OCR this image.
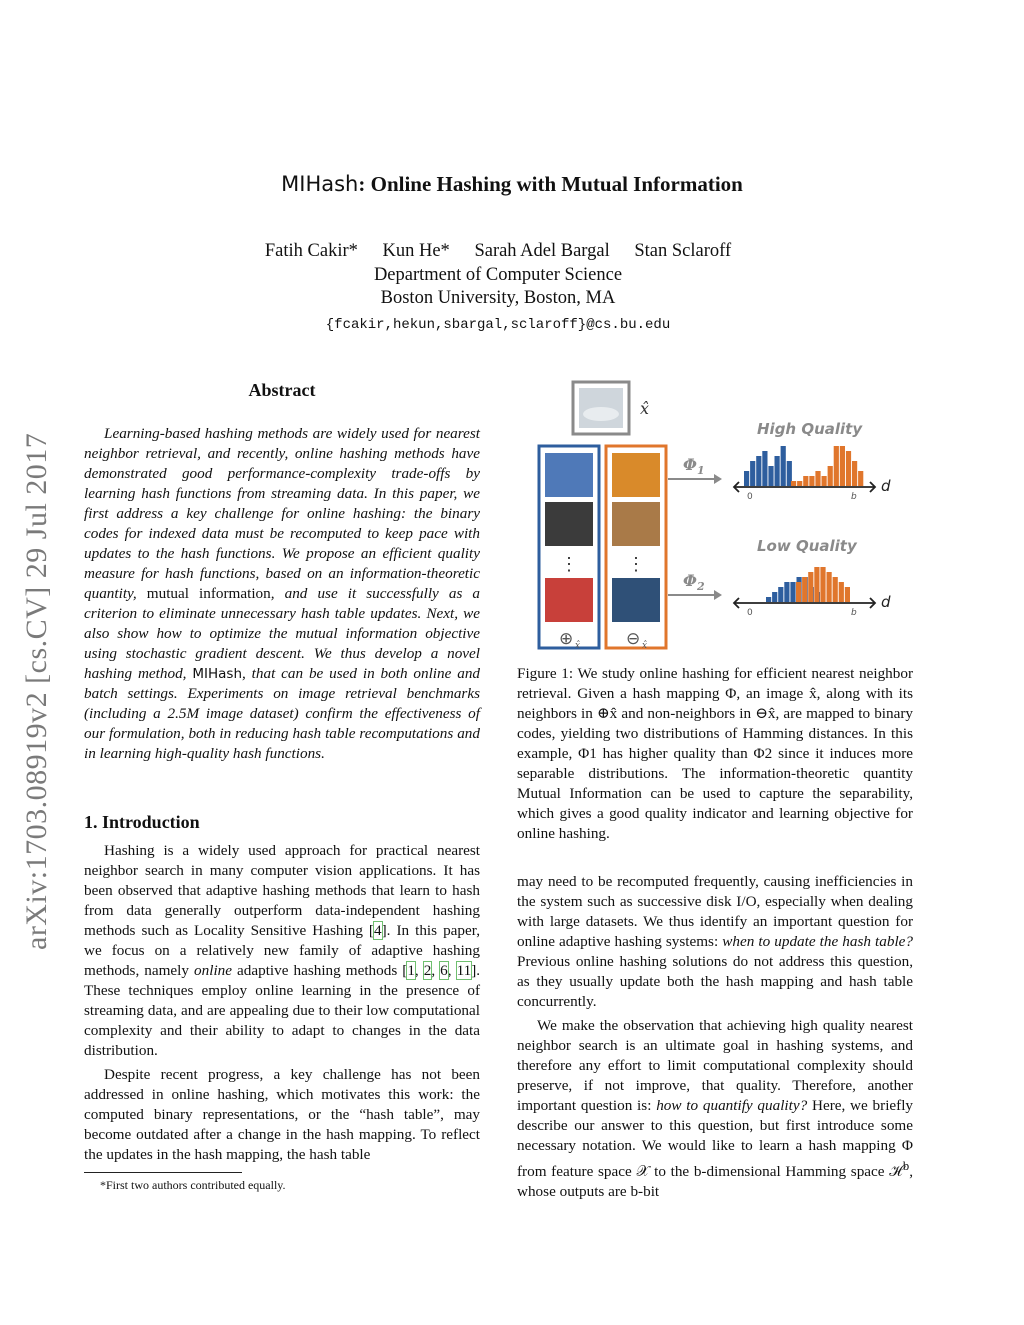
arXiv:1703.08919v2 [cs.CV] 29 Jul 2017
MIHash: Online Hashing with Mutual Information
Fatih Cakir* Kun He* Sarah Adel Bargal Stan Sclaroff
Department of Computer Science
Boston University, Boston, MA
{fcakir,hekun,sbargal,sclaroff}@cs.bu.edu
Abstract

Learning-based hashing methods are widely used for nearest neighbor retrieval, and recently, online hashing methods have demonstrated good performance-complexity trade-offs by learning hash functions from streaming data. In this paper, we first address a key challenge for online hashing: the binary codes for indexed data must be recomputed to keep pace with updates to the hash functions. We propose an efficient quality measure for hash functions, based on an information-theoretic quantity, mutual information, and use it successfully as a criterion to eliminate unnecessary hash table updates. Next, we also show how to optimize the mutual information objective using stochastic gradient descent. We thus develop a novel hashing method, MIHash, that can be used in both online and batch settings. Experiments on image retrieval benchmarks (including a 2.5M image dataset) confirm the effectiveness of our formulation, both in reducing hash table recomputations and in learning high-quality hash functions.

1. Introduction

Hashing is a widely used approach for practical nearest neighbor search in many computer vision applications. It has been observed that adaptive hashing methods that learn to hash from data generally outperform data-independent hashing methods such as Locality Sensitive Hashing [4]. In this paper, we focus on a relatively new family of adaptive hashing methods, namely online adaptive hashing methods [1, 2, 6, 11]. These techniques employ online learning in the presence of streaming data, and are appealing due to their low computational complexity and their ability to adapt to changes in the data distribution.

Despite recent progress, a key challenge has not been addressed in online hashing, which motivates this work: the computed binary representations, or the “hash table”, may become outdated after a change in the hash mapping. To reflect the updates in the hash mapping, the hash table

*First two authors contributed equally.
x̂
⋮
⊕ x̂
⋮
⊖ x̂
High Quality
Low Quality
$\Phi_1$
$\Phi_2$
d
0	b
d
0	b
Figure 1: We study online hashing for efficient nearest neighbor retrieval. Given a hash mapping Φ, an image x̂, along with its neighbors in ⊕x̂ and non-neighbors in ⊖x̂, are mapped to binary codes, yielding two distributions of Hamming distances. In this example, Φ1 has higher quality than Φ2 since it induces more separable distributions. The information-theoretic quantity Mutual Information can be used to capture the separability, which gives a good quality indicator and learning objective for online hashing.

may need to be recomputed frequently, causing inefficiencies in the system such as successive disk I/O, especially when dealing with large datasets. We thus identify an important question for online adaptive hashing systems: when to update the hash table? Previous online hashing solutions do not address this question, as they usually update both the hash mapping and hash table concurrently.

We make the observation that achieving high quality nearest neighbor search is an ultimate goal in hashing systems, and therefore any effort to limit computational complexity should preserve, if not improve, that quality. Therefore, another important question is: how to quantify quality? Here, we briefly describe our answer to this question, but first introduce some necessary notation. We would like to learn a hash mapping Φ from feature space 𝒳 to the b-dimensional Hamming space ℋ$^b$, whose outputs are b-bit
